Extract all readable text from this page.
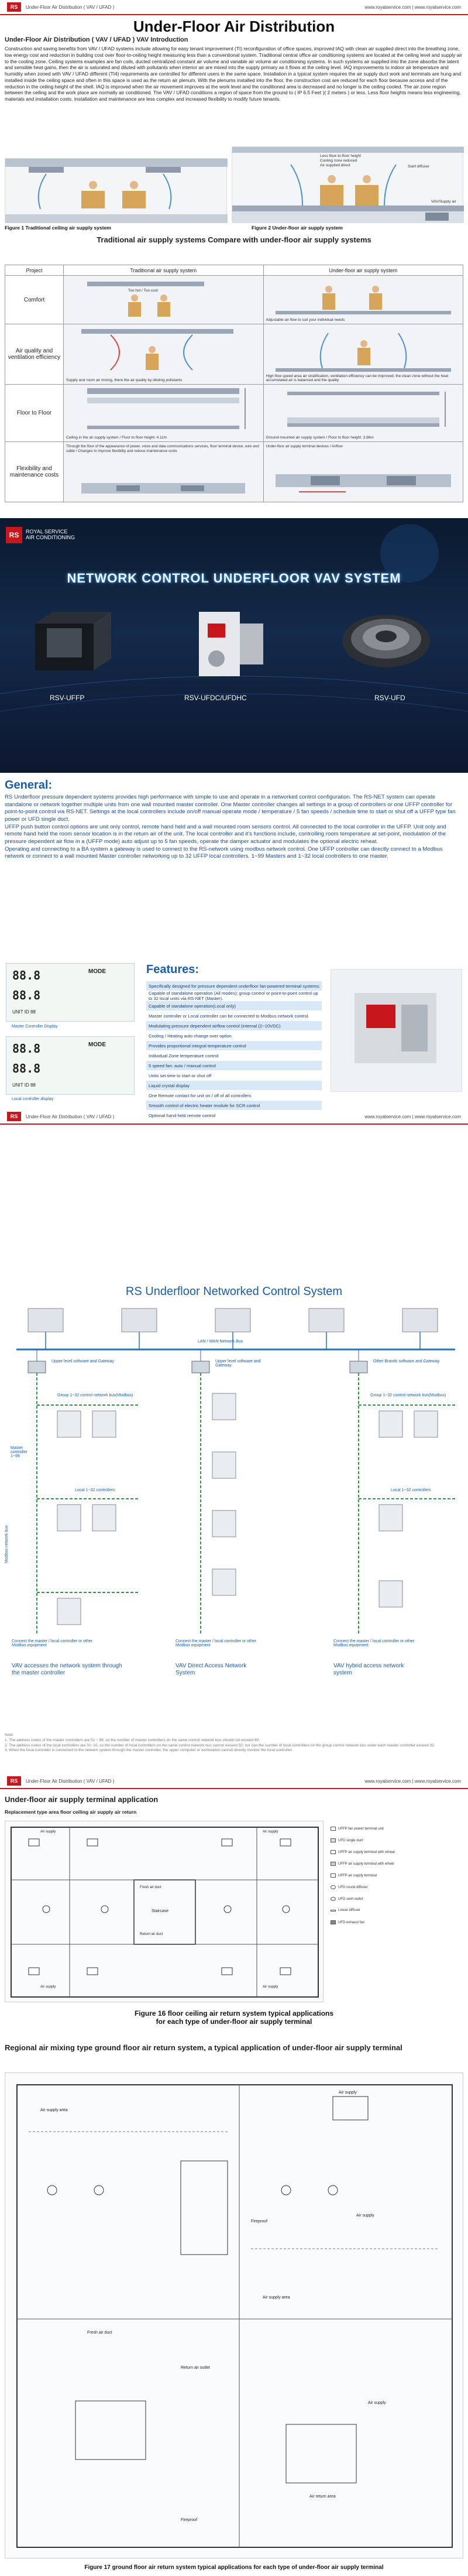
RS	Under-Floor Air Distribution ( VAV / UFAD )	www.royalservice.com | www.royalservice.com
Under-Floor Air Distribution
Under-Floor Air Distribution ( VAV / UFAD ) VAV Introduction
Construction and saving benefits from VAV / UFAD systems include allowing for easy tenant improvement (TI) reconfiguration of office spaces, improved IAQ with clean air supplied direct into the breathing zone, low energy cost and reduction in building cost over floor-to-ceiling height measuring less than a conventional system. Traditional central office air conditioning systems are located at the ceiling level and supply air to the cooling zone. Ceiling systems examples are fan coils, ducted centralized constant air volume and variable air volume air conditioning systems. In such systems air supplied into the zone absorbs the latent and sensible heat gains, then the air is saturated and diluted with pollutants when interior air are mixed into the supply primary as it flows at the ceiling level. IAQ improvements to indoor air temperature and humidity when zoned with VAV / UFAD different (TI4) requirements are controlled for different users in the same space. Installation in a typical system requires the air supply duct work and terminals are hung and installed inside the ceiling space and often in this space is used as the return air plenum. With the plenums installed into the floor, the construction cost are reduced for each floor because access and of the reduction in the ceiling height of the shell. IAQ is improved when the air movement improves at the work level and the conditioned area is decreased and no longer is the ceiling cooled. The air zone region between the ceiling and the work place are normally air conditioned. The VAV / UFAD conditions a region of space from the ground to ( IP 6.5 Feet )( 2 meters ) or less. Less floor heights means less engineering, materials and installation costs. Installation and maintenance are less complex and increased flexibility to modify future tenants.
Figure 1 Traditional ceiling air supply system
Less floor-to-floor height
Cooling zone reduced
Air supplied direct	Swirl diffuser
VAV/Supply air
Figure 2 Under-floor air supply system
Traditional air supply systems Compare with under-floor air supply systems
Project	Traditional air supply system	Under-floor air supply system
Comfort	Too hot / Too cool	Adjustable air flow to suit your individual needs

Air quality and ventilation efficiency	Supply and room air mixing, there the air quality by diluting pollutants	High flow speed area air stratification, ventilation efficiency can be improved; the clean zone without the heat accumulated air is balanced and the quality

Floor to Floor	Ceiling in the air supply system / Floor to floor height: 4.11m	Ground-mounted air supply system / Floor to floor height: 3.86m

Flexibility and maintenance costs	Through the floor of the appearance of power, voice and data communications services, floor terminal device, wire and cable / Changes to improve flexibility and reduce maintenance costs	Under-floor air supply terminal devices / Airflow
RS	ROYAL SERVICE
AIR CONDITIONING
NETWORK CONTROL UNDERFLOOR VAV SYSTEM
RSV-UFFP	RSV-UFDC/UFDHC	RSV-UFD
General:

RS Underfloor pressure dependent systems provides high performance with simple to use and operate in a networked control configuration. The RS-NET system can operate standalone or network together multiple units from one wall mounted master controller. One Master controller changes all settings in a group of controllers or one UFFP controller for point-to-point control via RS-NET. Settings at the local controllers include on/off manual operate mode / temperature / 5 fan speeds / schedule time to start or shut off a UFFP type fan power or UFD single duct.

UFFP push button control options are unit only control, remote hand held and a wall mounted room sensors control. All connected to the local controller in the UFFP. Unit only and remote hand held the room sensor location is in the return air of the unit. The local controller and it's functions include, controlling room temperature at set-point, modulation of the pressure dependent air flow in a (UFFP mode) auto adjust up to 5 fan speeds, operate the damper actuator and modulates the optional electric reheat.

Operating and connecting to a BA system a gateway is used to connect to the RS-network using modbus network control. One UFFP controller can directly connect to a Modbus network or connect to a wall mounted Master controller networking up to 32 UFFP local controllers. 1~99 Masters and 1~32 local controllers to one master.

88.8
88.8
MODE
UNIT ID 88
Master Controller Display
88.8
88.8
MODE
UNIT ID 88
Local controller display
Features:
Specifically designed for pressure dependent underfloor fan-powered terminal systems.
Capable of standalone operation (All modes); group control or point-to-point control up to 32 local units via RS-NET (Master).
Capable of standalone operation(Local only)
Master controller or Local controller can be connected to Modbus network control.
Modulating pressure dependent airflow control (internal (2~10VDC)
Cooling / Heating auto change over option
Provides proportional integral temperature control
Individual Zone temperature control
5 speed fan: auto / manual control
Units set time to start or shut off
Liquid crystal display
One Remote contact for unit on / off of all controllers
Smooth control of electric heater module for SCR control
Optional hand held remote control
RS	Under-Floor Air Distribution ( VAV / UFAD )	www.royalservice.com | www.royalservice.com
RS Underfloor Networked Control System
LAN / WAN Network Bus
Upper level software and Gateway	Upper level software and Gateway
Other Brands software and Gateway
Group 1~32 control network bus(Modbus)	Group 1~32 control network bus(Modbus)
Master controller 1~99
Local 1~32 controllers	Local 1~32 controllers
Modbus network bus
Connect the master / local controller or other Modbus equipment
Connect the master / local controller or other Modbus equipment
Connect the master / local controller or other Modbus equipment
VAV accesses the network system through the master controller
VAV Direct Access Network System
VAV hybrid access network system
Note:
1. The address codes of the master controllers are 01 ~ 99, so the number of master controllers on the same control network bus should not exceed 99.
2. The address codes of the local controllers are 01~32, so the number of local controllers on the same control network bus cannot exceed 32; nor can the number of local controllers on the group control network bus under each master controller exceed 32.
3. When the local controller is connected to the network system through the master controller, the upper computer or workstation cannot directly monitor the local controller.
RS	Under-Floor Air Distribution ( VAV / UFAD )	www.royalservice.com | www.royalservice.com
Under-floor air supply terminal application
Replacement type area floor ceiling air supply air return
Air supply	Air supply
Air supply	Air supply
Fresh air duct
Return air duct
Staircase
UFFP fan power terminal unit
UFD single duct
UFFP air supply terminal with reheat
UFFP air supply terminal with wheel
UFFP air supply terminal
UFD round diffuser
UFD swirl outlet
Linear diffuser
UFD exhaust fan
Figure 16 floor ceiling air return system typical applications
for each type of under-floor air supply terminal
Regional air mixing type ground floor air return system, a typical application of under-floor air supply terminal
Air supply area
Air supply
Air supply
Fireproof
Air supply area
Fresh air duct
Return air outlet
Air supply
Air return area
Fireproof
Figure 17 ground floor air return system typical applications for each type of under-floor air supply terminal
